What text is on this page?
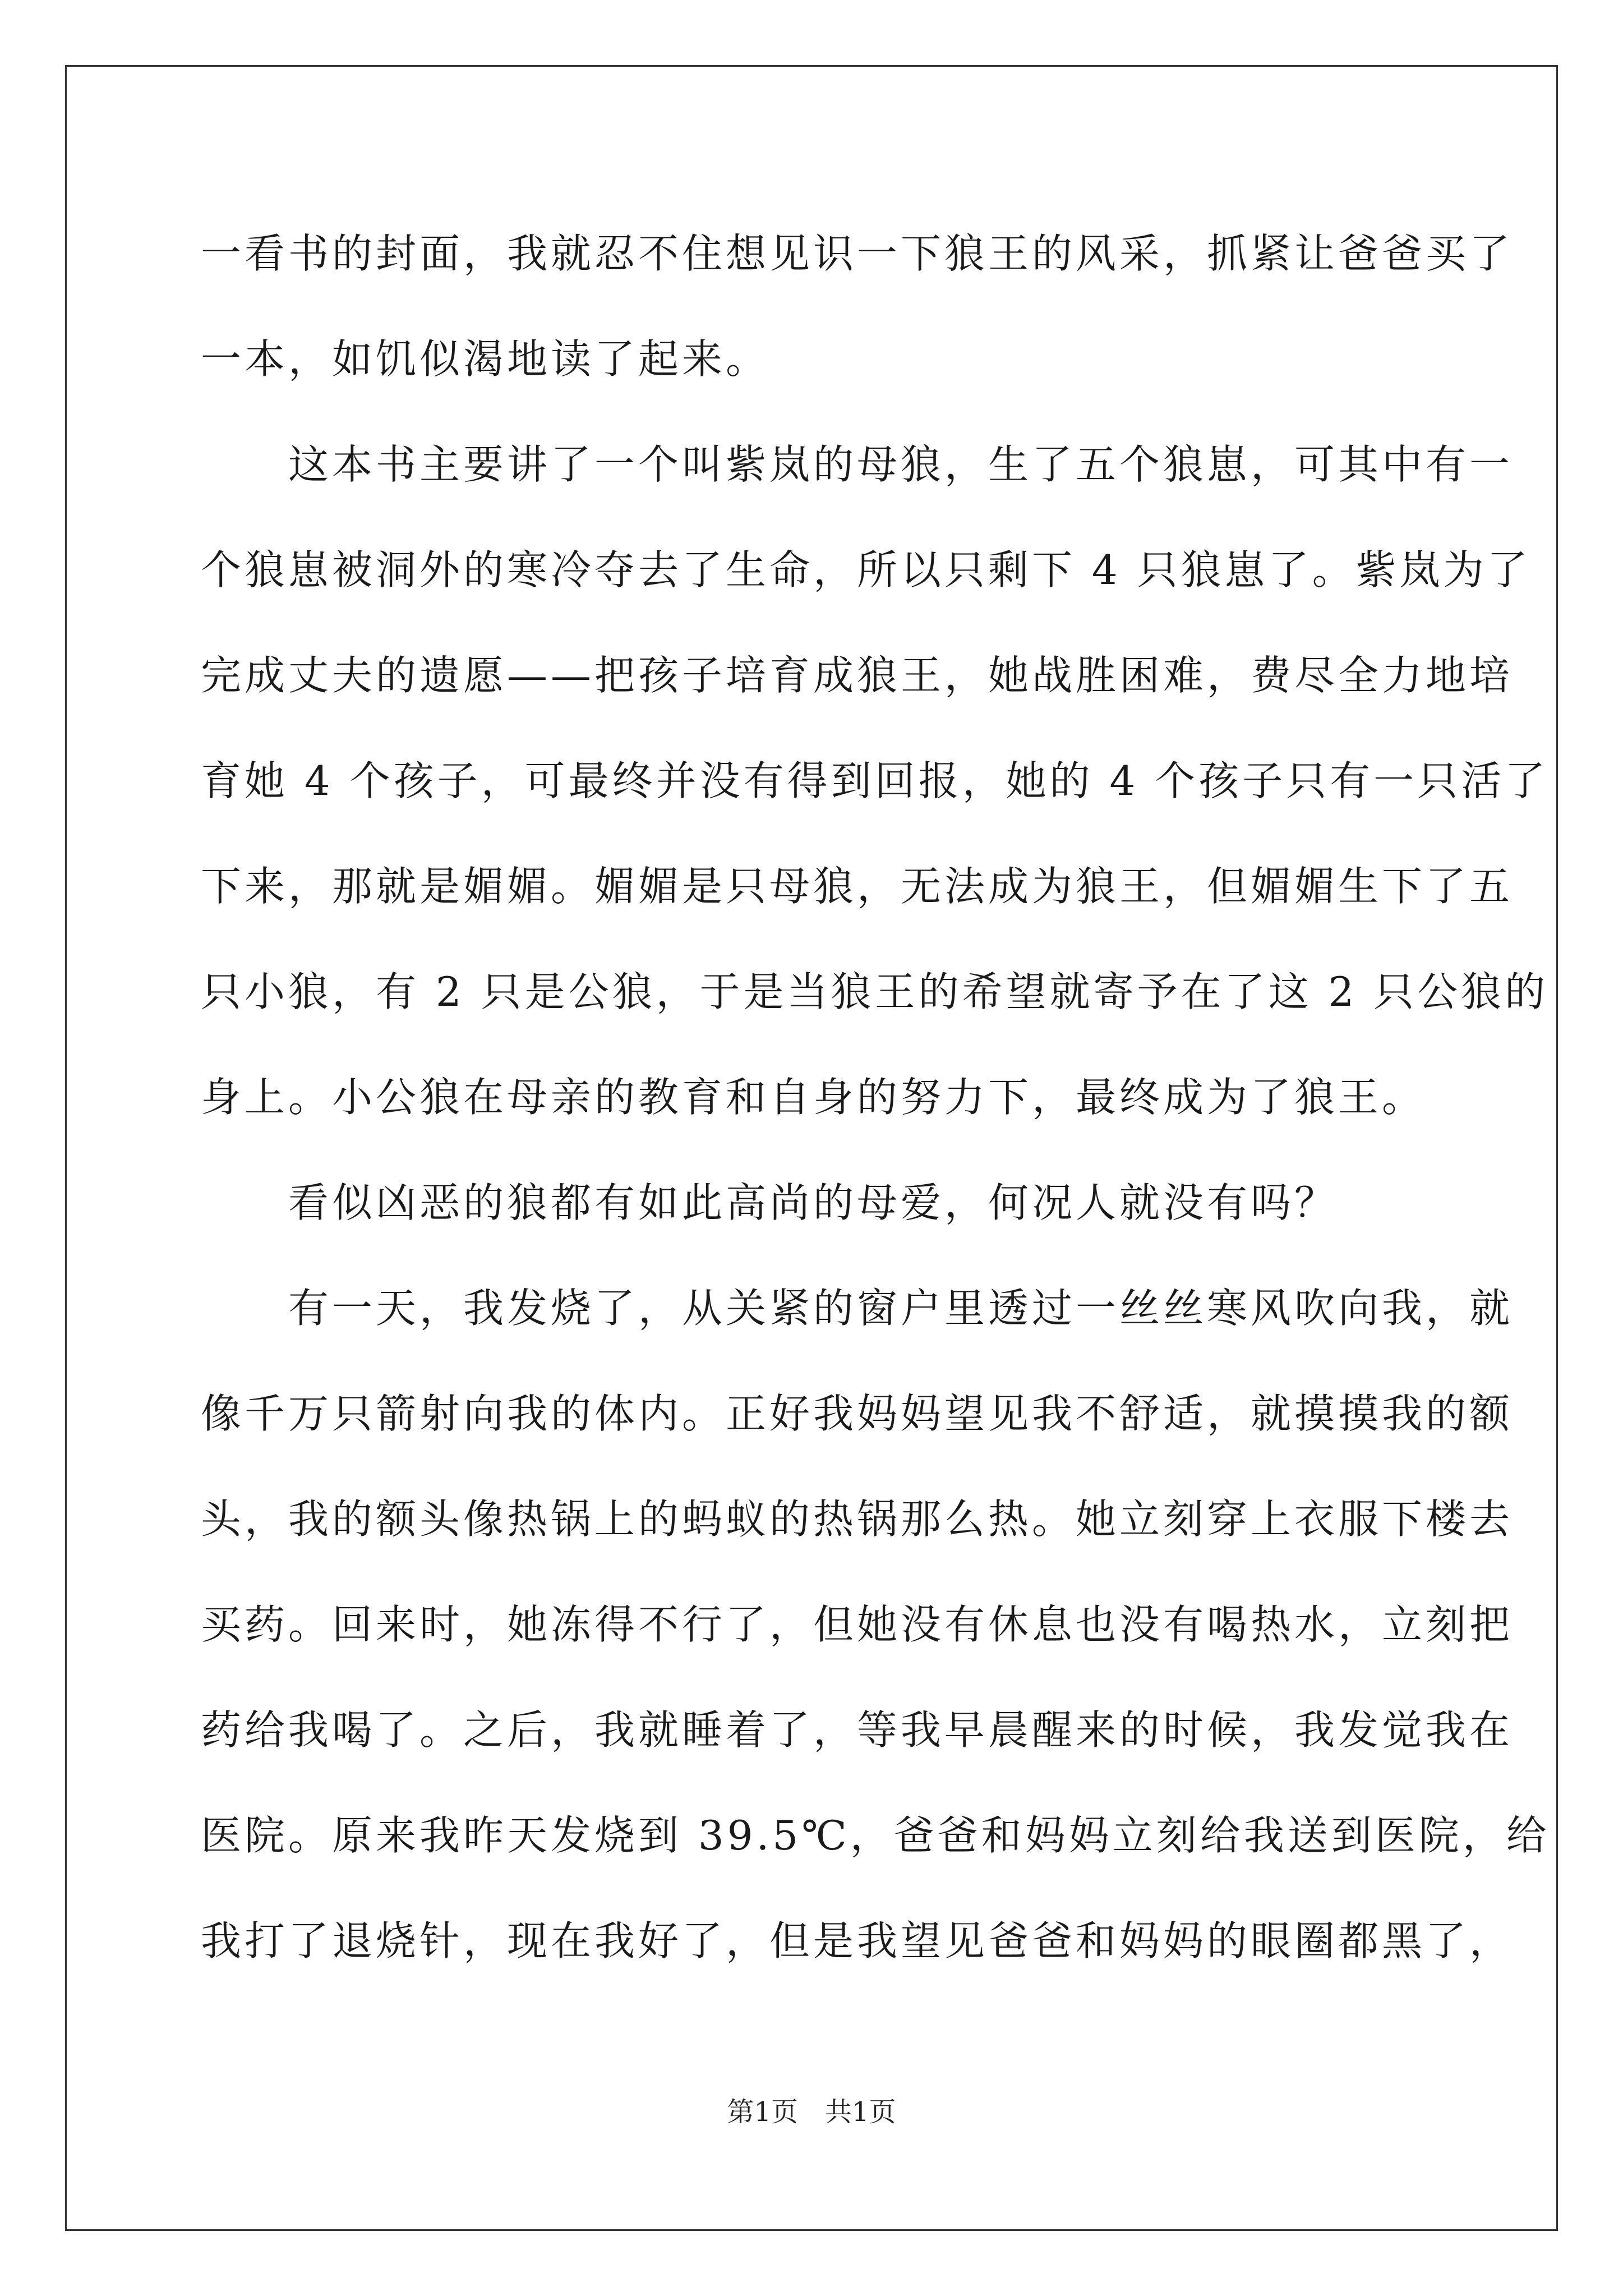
一看书的封面，我就忍不住想见识一下狼王的风采，抓紧让爸爸买了
一本，如饥似渴地读了起来。
　　这本书主要讲了一个叫紫岚的母狼，生了五个狼崽，可其中有一
个狼崽被洞外的寒冷夺去了生命，所以只剩下 4 只狼崽了。紫岚为了
完成丈夫的遗愿——把孩子培育成狼王，她战胜困难，费尽全力地培
育她 4 个孩子，可最终并没有得到回报，她的 4 个孩子只有一只活了
下来，那就是媚媚。媚媚是只母狼，无法成为狼王，但媚媚生下了五
只小狼，有 2 只是公狼，于是当狼王的希望就寄予在了这 2 只公狼的
身上。小公狼在母亲的教育和自身的努力下，最终成为了狼王。
　　看似凶恶的狼都有如此高尚的母爱，何况人就没有吗？
　　有一天，我发烧了，从关紧的窗户里透过一丝丝寒风吹向我，就
像千万只箭射向我的体内。正好我妈妈望见我不舒适，就摸摸我的额
头，我的额头像热锅上的蚂蚁的热锅那么热。她立刻穿上衣服下楼去
买药。回来时，她冻得不行了，但她没有休息也没有喝热水，立刻把
药给我喝了。之后，我就睡着了，等我早晨醒来的时候，我发觉我在
医院。原来我昨天发烧到 39.5℃，爸爸和妈妈立刻给我送到医院，给
我打了退烧针，现在我好了，但是我望见爸爸和妈妈的眼圈都黑了，
第1页　共1页
